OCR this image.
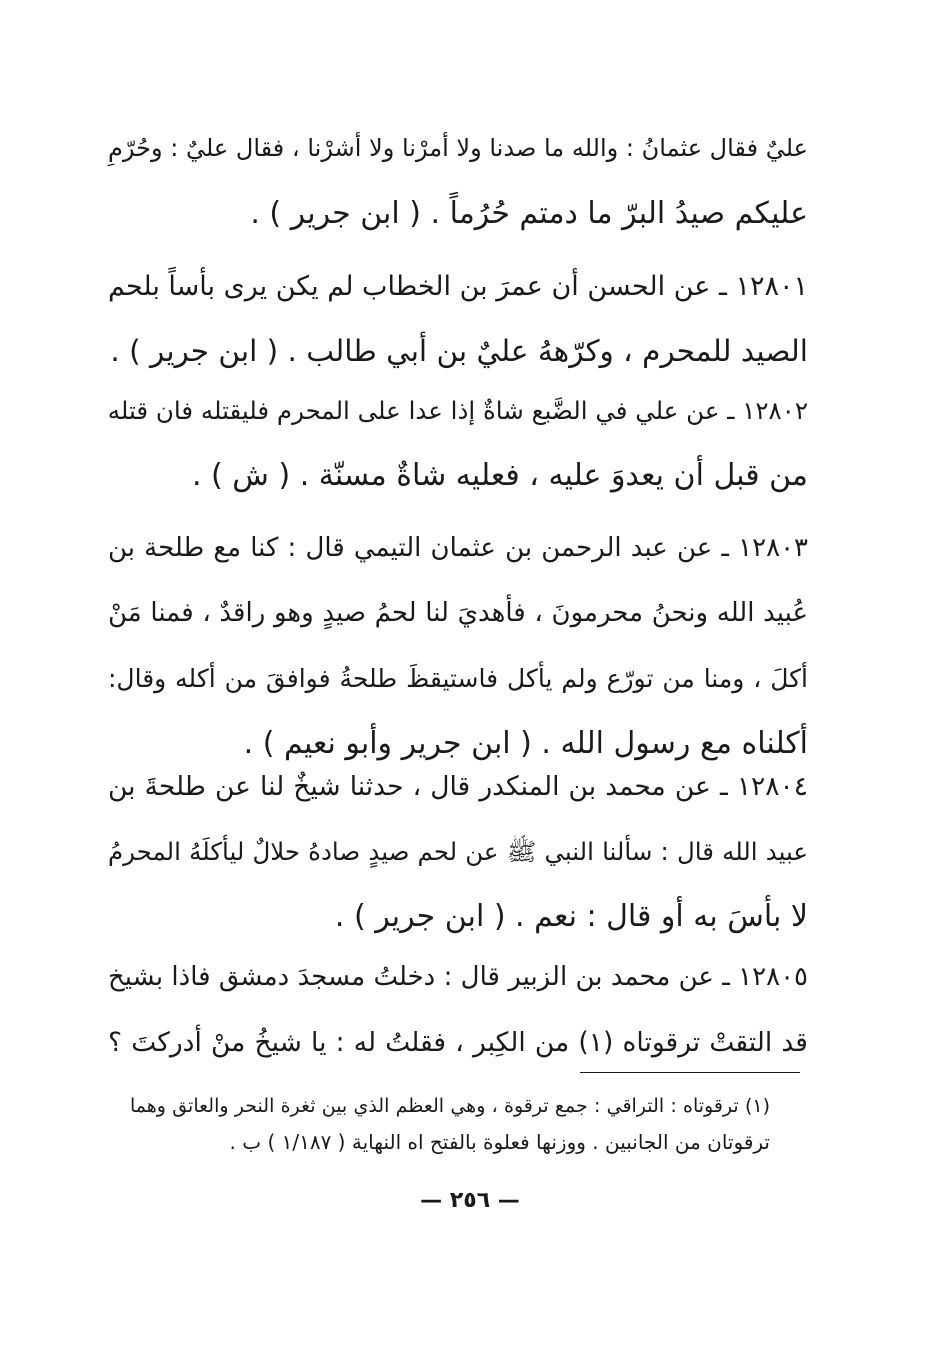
عليٌ فقال عثمانُ : والله ما صدنا ولا أمرْنا ولا أشرْنا ، فقال عليٌ : وحُرّمِ
عليكم صيدُ البرّ ما دمتم حُرُماً . ( ابن جرير ) .
١٢٨٠١ ـ عن الحسن أن عمرَ بن الخطاب لم يكن يرى بأساً بلحم
الصيد للمحرم ، وكرّههُ عليٌ بن أبي طالب . ( ابن جرير ) .
١٢٨٠٢ ـ عن علي في الضَّبع شاةٌ إذا عدا على المحرم فليقتله فان قتله
من قبل أن يعدوَ عليه ، فعليه شاةٌ مسنّة . ( ش ) .
١٢٨٠٣ ـ عن عبد الرحمن بن عثمان التيمي قال : كنا مع طلحة بن
عُبيد الله ونحنُ محرمونَ ، فأهديَ لنا لحمُ صيدٍ وهو راقدٌ ، فمنا مَنْ
أكلَ ، ومنا من تورّع ولم يأكل فاستيقظَ طلحةُ فوافقَ من أكله وقال:
أكلناه مع رسول الله . ( ابن جرير وأبو نعيم ) .
١٢٨٠٤ ـ عن محمد بن المنكدر قال ، حدثنا شيخٌ لنا عن طلحةَ بن
عبيد الله قال : سألنا النبي ﷺ عن لحم صيدٍ صادهُ حلالٌ ليأكلَهُ المحرمُ
لا بأسَ به أو قال : نعم . ( ابن جرير ) .
١٢٨٠٥ ـ عن محمد بن الزبير قال : دخلتُ مسجدَ دمشق فاذا بشيخ
قد التقتْ ترقوتاه (١) من الكِبر ، فقلتُ له : يا شيخُ منْ أدركتَ ؟
(١) ترقوتاه : التراقي : جمع ترقوة ، وهي العظم الذي بين ثغرة النحر والعاتق وهما
ترقوتان من الجانبين . ووزنها فعلوة بالفتح اه النهاية ( ١/١٨٧ ) ب .
— ٢٥٦ —
